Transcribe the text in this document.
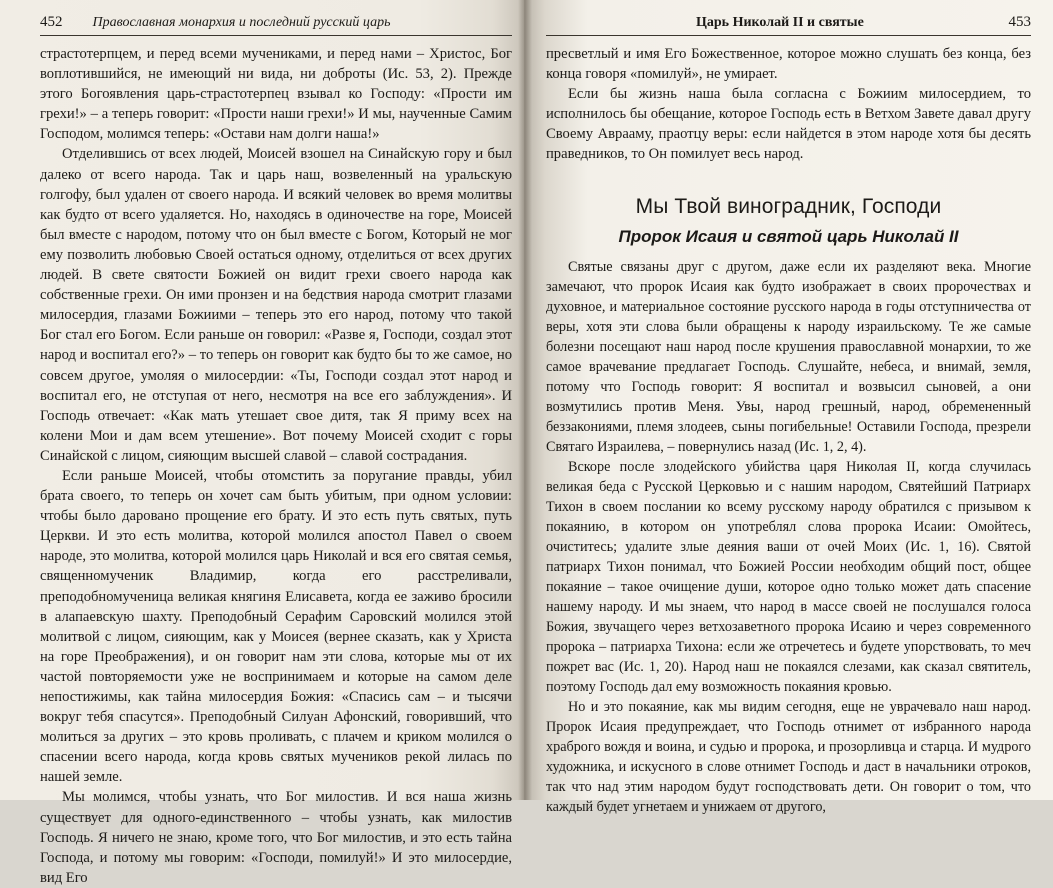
452 Православная монархия и последний русский царь

страстотерпцем, и перед всеми мучениками, и перед нами – Христос, Бог воплотившийся, не имеющий ни вида, ни доброты (Ис. 53, 2). Прежде этого Богоявления царь-страстотерпец взывал ко Господу: «Прости им грехи!» – а теперь говорит: «Прости наши грехи!» И мы, наученные Самим Господом, молимся теперь: «Остави нам долги наша!»

Отделившись от всех людей, Моисей взошел на Синайскую гору и был далеко от всего народа. Так и царь наш, возвеленный на уральскую голгофу, был удален от своего народа. И всякий человек во время молитвы как будто от всего удаляется. Но, находясь в одиночестве на горе, Моисей был вместе с народом, потому что он был вместе с Богом, Который не мог ему позволить любовью Своей остаться одному, отделиться от всех других людей. В свете святости Божией он видит грехи своего народа как собственные грехи. Он ими пронзен и на бедствия народа смотрит глазами милосердия, глазами Божиими – теперь это его народ, потому что такой Бог стал его Богом. Если раньше он говорил: «Разве я, Господи, создал этот народ и воспитал его?» – то теперь он говорит как будто бы то же самое, но совсем другое, умоляя о милосердии: «Ты, Господи создал этот народ и воспитал его, не отступая от него, несмотря на все его заблуждения». И Господь отвечает: «Как мать утешает свое дитя, так Я приму всех на колени Мои и дам всем утешение». Вот почему Моисей сходит с горы Синайской с лицом, сияющим высшей славой – славой сострадания.

Если раньше Моисей, чтобы отомстить за поругание правды, убил брата своего, то теперь он хочет сам быть убитым, при одном условии: чтобы было даровано прощение его брату. И это есть путь святых, путь Церкви. И это есть молитва, которой молился апостол Павел о своем народе, это молитва, которой молился царь Николай и вся его святая семья, священномученик Владимир, когда его расстреливали, преподобномученица великая княгиня Елисавета, когда ее заживо бросили в алапаевскую шахту. Преподобный Серафим Саровский молился этой молитвой с лицом, сияющим, как у Моисея (вернее сказать, как у Христа на горе Преображения), и он говорит нам эти слова, которые мы от их частой повторяемости уже не воспринимаем и которые на самом деле непостижимы, как тайна милосердия Божия: «Спасись сам – и тысячи вокруг тебя спасутся». Преподобный Силуан Афонский, говоривший, что молиться за других – это кровь проливать, с плачем и криком молился о спасении всего народа, когда кровь святых мучеников рекой лилась по нашей земле.

Мы молимся, чтобы узнать, что Бог милостив. И вся наша жизнь существует для одного-единственного – чтобы узнать, как милостив Господь. Я ничего не знаю, кроме того, что Бог милостив, и это есть тайна Господа, и потому мы говорим: «Господи, помилуй!» И это милосердие, вид Его

Царь Николай II и святые	453

пресветлый и имя Его Божественное, которое можно слушать без конца, без конца говоря «помилуй», не умирает.

Если бы жизнь наша была согласна с Божиим милосердием, то исполнилось бы обещание, которое Господь есть в Ветхом Завете давал другу Своему Аврааму, праотцу веры: если найдется в этом народе хотя бы десять праведников, то Он помилует весь народ.

Мы Твой виноградник, Господи
Пророк Исаия и святой царь Николай II

Святые связаны друг с другом, даже если их разделяют века. Многие замечают, что пророк Исаия как будто изображает в своих пророчествах и духовное, и материальное состояние русского народа в годы отступничества от веры, хотя эти слова были обращены к народу израильскому. Те же самые болезни посещают наш народ после крушения православной монархии, то же самое врачевание предлагает Господь. Слушайте, небеса, и внимай, земля, потому что Господь говорит: Я воспитал и возвысил сыновей, а они возмутились против Меня. Увы, народ грешный, народ, обремененный беззакониями, племя злодеев, сыны погибельные! Оставили Господа, презрели Святаго Израилева, – повернулись назад (Ис. 1, 2, 4).

Вскоре после злодейского убийства царя Николая II, когда случилась великая беда с Русской Церковью и с нашим народом, Святейший Патриарх Тихон в своем послании ко всему русскому народу обратился с призывом к покаянию, в котором он употреблял слова пророка Исаии: Омойтесь, очиститесь; удалите злые деяния ваши от очей Моих (Ис. 1, 16). Святой патриарх Тихон понимал, что Божией России необходим общий пост, общее покаяние – такое очищение души, которое одно только может дать спасение нашему народу. И мы знаем, что народ в массе своей не послушался голоса Божия, звучащего через ветхозаветного пророка Исаию и через современного пророка – патриарха Тихона: если же отречетесь и будете упорствовать, то меч пожрет вас (Ис. 1, 20). Народ наш не покаялся слезами, как сказал святитель, поэтому Господь дал ему возможность покаяния кровью.

Но и это покаяние, как мы видим сегодня, еще не уврачевало наш народ. Пророк Исаия предупреждает, что Господь отнимет от избранного народа храброго вождя и воина, и судью и пророка, и прозорливца и старца. И мудрого художника, и искусного в слове отнимет Господь и даст в начальники отроков, так что над этим народом будут господствовать дети. Он говорит о том, что каждый будет угнетаем и унижаем от другого,
